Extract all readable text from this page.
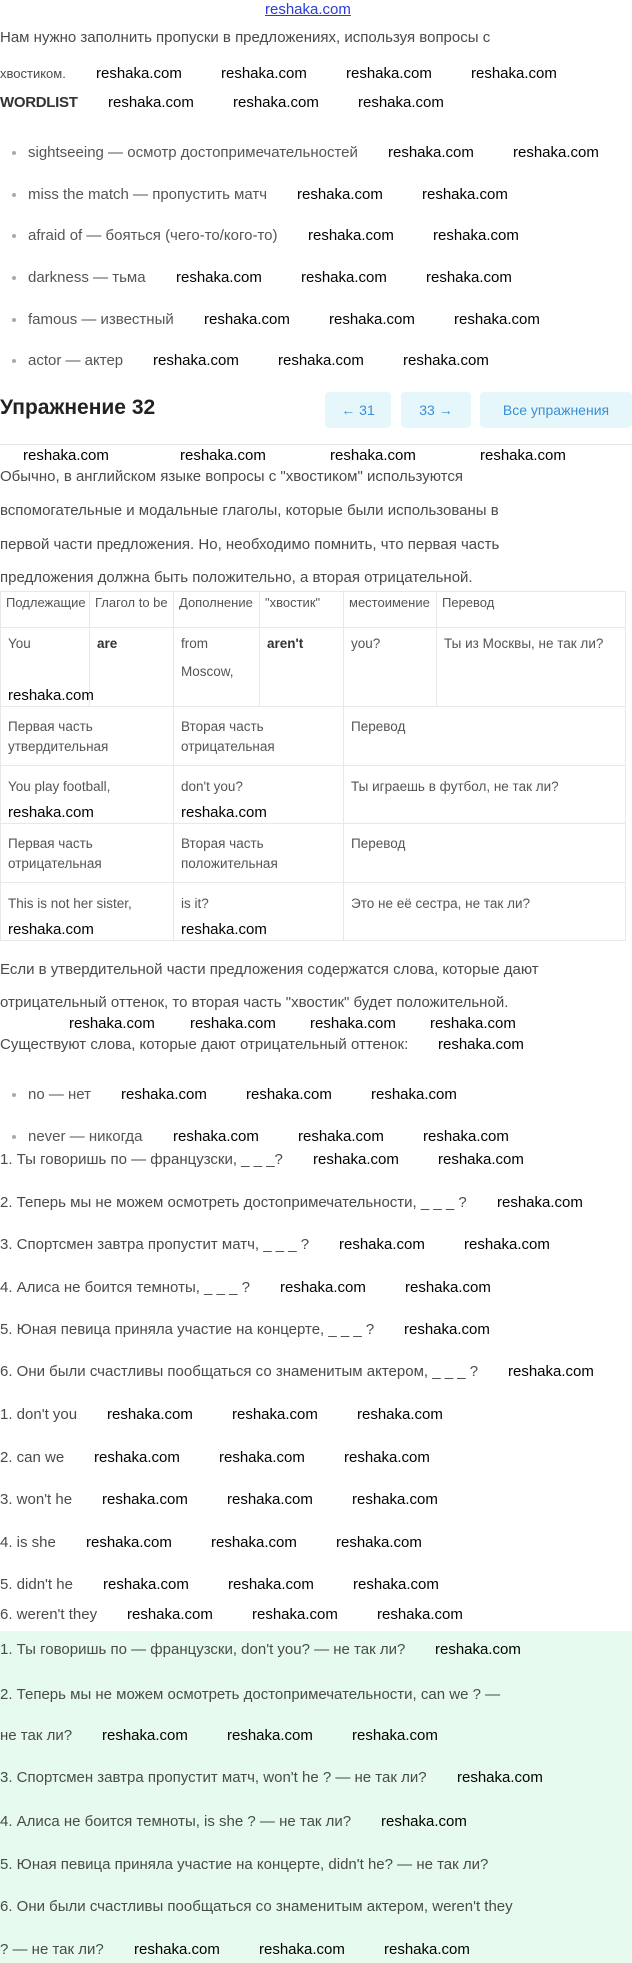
reshaka.com
Нам нужно заполнить пропуски в предложениях, используя вопросы с
хвостиком.
WORDLIST
sightseeing — осмотр достопримечательностей
miss the match — пропустить матч
afraid of — бояться (чего-то/кого-то)
darkness — тьма
famous — известный
actor — актер
Упражнение 32	← 31	33 →	Все упражнения
Обычно, в английском языке вопросы с "хвостиком" используются
вспомогательные и модальные глаголы, которые были использованы в
первой части предложения. Но, необходимо помнить, что первая часть
предложения должна быть положительно, а вторая отрицательной.
Подлежащие	Глагол to be	Дополнение	"хвостик"	местоимение	Перевод
You	are	from Moscow,	aren't	you?	Ты из Москвы, не так ли?
Первая часть утвердительная		Вторая часть отрицательная		Перевод	
You play football,		don't you?		Ты играешь в футбол, не так ли?	
Первая часть отрицательная		Вторая часть положительная		Перевод	
This is not her sister,		is it?		Это не её сестра, не так ли?	
Если в утвердительной части предложения содержатся слова, которые дают
отрицательный оттенок, то вторая часть "хвостик" будет положительной.
Существуют слова, которые дают отрицательный оттенок:
no — нет
never — никогда
1. Ты говоришь по — французски, _ _ _?
2. Теперь мы не можем осмотреть достопримечательности, _ _ _ ?
3. Спортсмен завтра пропустит матч, _ _ _ ?
4. Алиса не боится темноты, _ _ _ ?
5. Юная певица приняла участие на концерте, _ _ _ ?
6. Они были счастливы пообщаться со знаменитым актером, _ _ _ ?
1. don't you
2. can we
3. won't he
4. is she
5. didn't he
6. weren't they
1. Ты говоришь по — французски, don't you? — не так ли?
2. Теперь мы не можем осмотреть достопримечательности, can we ? —
не так ли?
3. Спортсмен завтра пропустит матч, won't he ? — не так ли?
4. Алиса не боится темноты, is she ? — не так ли?
5. Юная певица приняла участие на концерте, didn't he? — не так ли?
6. Они были счастливы пообщаться со знаменитым актером, weren't they
? — не так ли?
reshaka.com	reshaka.com	reshaka.com	reshaka.com
reshaka.com	reshaka.com	reshaka.com
reshaka.com	reshaka.com
reshaka.com	reshaka.com
reshaka.com	reshaka.com
reshaka.com	reshaka.com	reshaka.com
reshaka.com	reshaka.com	reshaka.com
reshaka.com	reshaka.com	reshaka.com
reshaka.com
reshaka.com	reshaka.com	reshaka.com
reshaka.com	reshaka.com	reshaka.com
reshaka.com	reshaka.com
reshaka.com
reshaka.com	reshaka.com
reshaka.com	reshaka.com
reshaka.com
reshaka.com
reshaka.com	reshaka.com	reshaka.com
reshaka.com	reshaka.com	reshaka.com
reshaka.com	reshaka.com	reshaka.com
reshaka.com	reshaka.com	reshaka.com
reshaka.com	reshaka.com	reshaka.com
reshaka.com	reshaka.com	reshaka.com
reshaka.com
reshaka.com	reshaka.com	reshaka.com
reshaka.com
reshaka.com
reshaka.com	reshaka.com	reshaka.com
reshaka.com
reshaka.com	reshaka.com
reshaka.com	reshaka.com
reshaka.com	reshaka.com	reshaka.com	reshaka.com
reshaka.com reshaka.com reshaka.com reshaka.com
